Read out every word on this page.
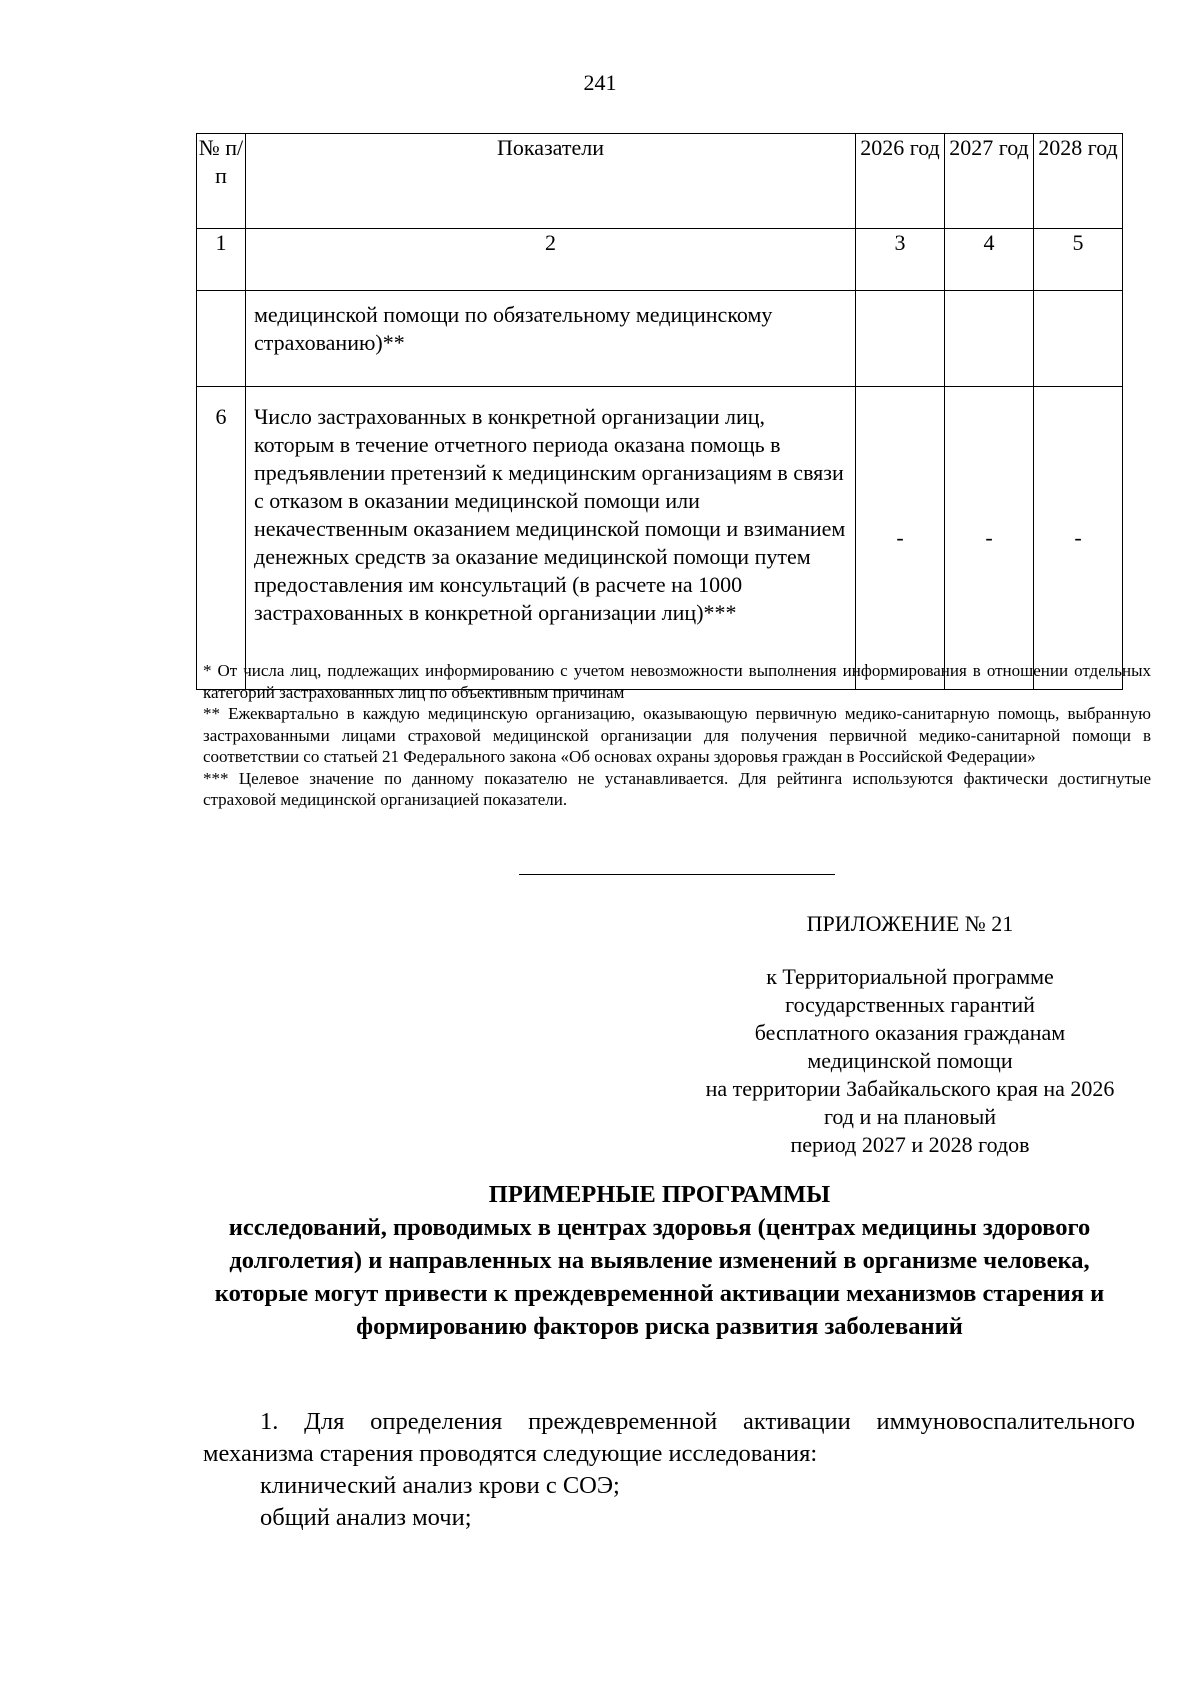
241
№ п/п	Показатели	2026 год	2027 год	2028 год
1	2	3	4	5
	медицинской помощи по обязательному медицинскому страхованию)**			
6	Число застрахованных в конкретной организации лиц, которым в течение отчетного периода оказана помощь в предъявлении претензий к медицинским организациям в связи с отказом в оказании медицинской помощи или некачественным оказанием медицинской помощи и взиманием денежных средств за оказание медицинской помощи путем предоставления им консультаций (в расчете на 1000 застрахованных в конкретной организации лиц)***	-	-	-

* От числа лиц, подлежащих информированию с учетом невозможности выполнения информирования в отношении отдельных категорий застрахованных лиц по объективным причинам

** Ежеквартально в каждую медицинскую организацию, оказывающую первичную медико-санитарную помощь, выбранную застрахованными лицами страховой медицинской организации для получения первичной медико-санитарной помощи в соответствии со статьей 21 Федерального закона «Об основах охраны здоровья граждан в Российской Федерации»

*** Целевое значение по данному показателю не устанавливается. Для рейтинга используются фактически достигнутые страховой медицинской организацией показатели.

ПРИЛОЖЕНИЕ № 21
к Территориальной программе
государственных гарантий
бесплатного оказания гражданам
медицинской помощи
на территории Забайкальского края на 2026
год и на плановый
период 2027 и 2028 годов
ПРИМЕРНЫЕ ПРОГРАММЫ
исследований, проводимых в центрах здоровья (центрах медицины здорового долголетия) и направленных на выявление изменений в организме человека, которые могут привести к преждевременной активации механизмов старения и формированию факторов риска развития заболеваний

1. Для определения преждевременной активации иммуновоспалительного механизма старения проводятся следующие исследования:

клинический анализ крови с СОЭ;

общий анализ мочи;
